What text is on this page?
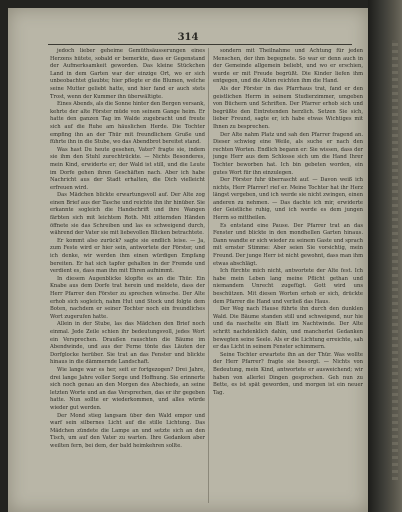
314

jedoch lieber geheime Gemüthsäusserungen eines Herzens hütete, sobald er bemerkte, dass er Gegenstand der Aufmerksamkeit geworden. Das kleine Stückchen Land in dem Garten war der einzige Ort, wo er sich unbeobachtet glaubte; hier pflegte er die Blumen, welche seine Mutter geliebt hatte, und hier fand er auch stets Trost, wenn der Kummer ihn überwältigte.

Eines Abends, als die Sonne hinter den Bergen versank, kehrte der alte Förster müde von seinem Gange heim. Er hatte den ganzen Tag im Walde zugebracht und freute sich auf die Ruhe am häuslichen Herde. Die Tochter empfing ihn an der Thür mit freundlichem Gruße und führte ihn in die Stube, wo das Abendbrot bereitet stand.

Was hast Du heute gesehen, Vater? fragte sie, indem sie ihm den Stuhl zurechtrückte. — Nichts Besonderes, mein Kind, erwiderte er; der Wald ist still, und die Leute im Dorfe gehen ihren Geschäften nach. Aber ich habe Nachricht aus der Stadt erhalten, die Dich vielleicht erfreuen wird.

Das Mädchen blickte erwartungsvoll auf. Der Alte zog einen Brief aus der Tasche und reichte ihn ihr hinüber. Sie erkannte sogleich die Handschrift und ihre Wangen färbten sich mit leichtem Roth. Mit zitternden Händen öffnete sie das Schreiben und las es schweigend durch, während der Vater sie mit liebevollen Blicken betrachtete.

Er kommt also zurück? sagte sie endlich leise. — Ja, zum Feste wird er hier sein, antwortete der Förster, und ich denke, wir werden ihm einen würdigen Empfang bereiten. Er hat sich tapfer gehalten in der Fremde und verdient es, dass man ihn mit Ehren aufnimmt.

In diesem Augenblicke klopfte es an die Thür. Ein Knabe aus dem Dorfe trat herein und meldete, dass der Herr Pfarrer den Förster zu sprechen wünsche. Der Alte erhob sich sogleich, nahm Hut und Stock und folgte dem Boten, nachdem er seiner Tochter noch ein freundliches Wort zugerufen hatte.

Allein in der Stube, las das Mädchen den Brief noch einmal. Jede Zeile schien ihr bedeutungsvoll, jedes Wort ein Versprechen. Draußen rauschten die Bäume im Abendwinde, und aus der Ferne tönte das Läuten der Dorfglocke herüber. Sie trat an das Fenster und blickte hinaus in die dämmernde Landschaft.

Wie lange war es her, seit er fortgezogen? Drei Jahre, drei lange Jahre voller Sorge und Hoffnung. Sie erinnerte sich noch genau an den Morgen des Abschieds, an seine letzten Worte und an das Versprechen, das er ihr gegeben hatte. Nun sollte er wiederkommen, und alles würde wieder gut werden.

Der Mond stieg langsam über den Wald empor und warf sein silbernes Licht auf die stille Lichtung. Das Mädchen zündete die Lampe an und setzte sich an den Tisch, um auf den Vater zu warten. Ihre Gedanken aber weilten fern, bei dem, der bald heimkehren sollte.

sondern mit Theilnahme und Achtung für jeden Menschen, der ihm begegnete. So war er denn auch in der Gemeinde allgemein beliebt, und wo er erschien, wurde er mit Freude begrüßt. Die Kinder liefen ihm entgegen, und die Alten reichten ihm die Hand.

Als der Förster in das Pfarrhaus trat, fand er den geistlichen Herrn in seinem Studierzimmer, umgeben von Büchern und Schriften. Der Pfarrer erhob sich und begrüßte den Eintretenden herzlich. Setzen Sie sich, lieber Freund, sagte er, ich habe etwas Wichtiges mit Ihnen zu besprechen.

Der Alte nahm Platz und sah den Pfarrer fragend an. Dieser schwieg eine Weile, als suche er nach den rechten Worten. Endlich begann er: Sie wissen, dass der junge Herr aus dem Schlosse sich um die Hand Ihrer Tochter beworben hat. Ich bin gebeten worden, ein gutes Wort für ihn einzulegen.

Der Förster fuhr überrascht auf. — Davon weiß ich nichts, Herr Pfarrer! rief er. Meine Tochter hat ihr Herz längst vergeben, und ich werde sie nicht zwingen, einen anderen zu nehmen. — Das dachte ich mir, erwiderte der Geistliche ruhig, und ich werde es dem jungen Herrn so mittheilen.

Es entstand eine Pause. Der Pfarrer trat an das Fenster und blickte in den mondhellen Garten hinaus. Dann wandte er sich wieder zu seinem Gaste und sprach mit ernster Stimme: Aber seien Sie vorsichtig, mein Freund. Der junge Herr ist nicht gewohnt, dass man ihm etwas abschlägt.

Ich fürchte mich nicht, antwortete der Alte fest. Ich habe mein Leben lang meine Pflicht gethan und niemandem Unrecht zugefügt. Gott wird uns beschützen. Mit diesen Worten erhob er sich, drückte dem Pfarrer die Hand und verließ das Haus.

Der Weg nach Hause führte ihn durch den dunklen Wald. Die Bäume standen still und schweigend, nur hie und da raschelte ein Blatt im Nachtwinde. Der Alte schritt nachdenklich dahin, und mancherlei Gedanken bewegten seine Seele. Als er die Lichtung erreichte, sah er das Licht in seinem Fenster schimmern.

Seine Tochter erwartete ihn an der Thür. Was wollte der Herr Pfarrer? fragte sie besorgt. — Nichts von Bedeutung, mein Kind, antwortete er ausweichend; wir haben von allerlei Dingen gesprochen. Geh nun zu Bette, es ist spät geworden, und morgen ist ein neuer Tag.
